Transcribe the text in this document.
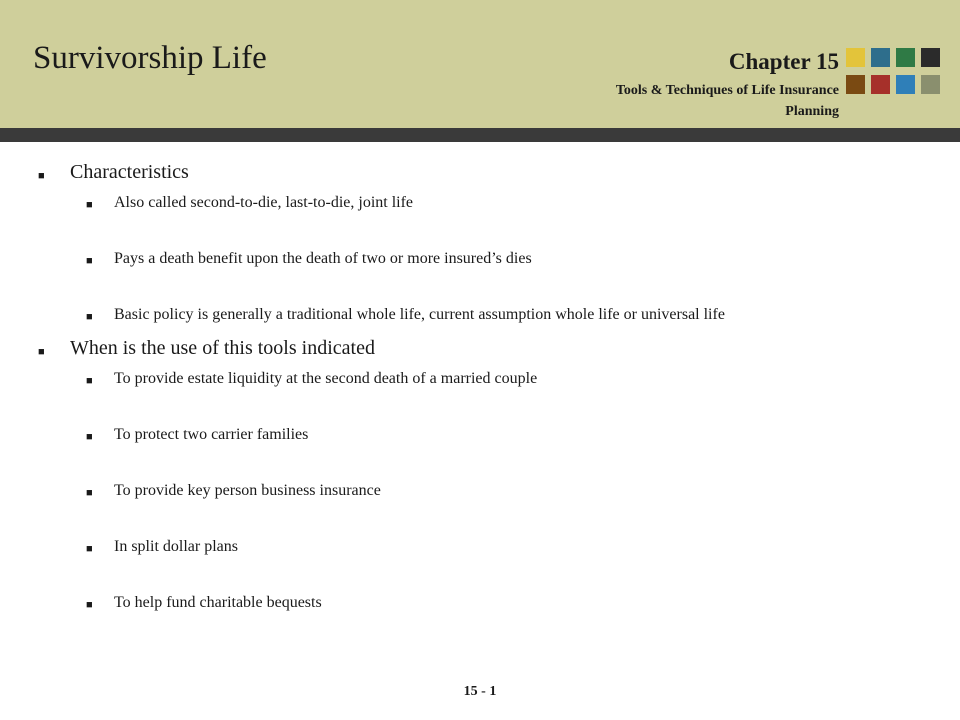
Survivorship Life	Chapter 15
Tools & Techniques of Life Insurance Planning
■ Characteristics
■ Also called second-to-die, last-to-die, joint life
■ Pays a death benefit upon the death of two or more insured’s dies
■ Basic policy is generally a traditional whole life, current assumption whole life or universal life
■ When is the use of this tools indicated
■ To provide estate liquidity at the second death of a married couple
■ To protect two carrier families
■ To provide key person business insurance
■ In split dollar plans
■ To help fund charitable bequests
15 - 1
